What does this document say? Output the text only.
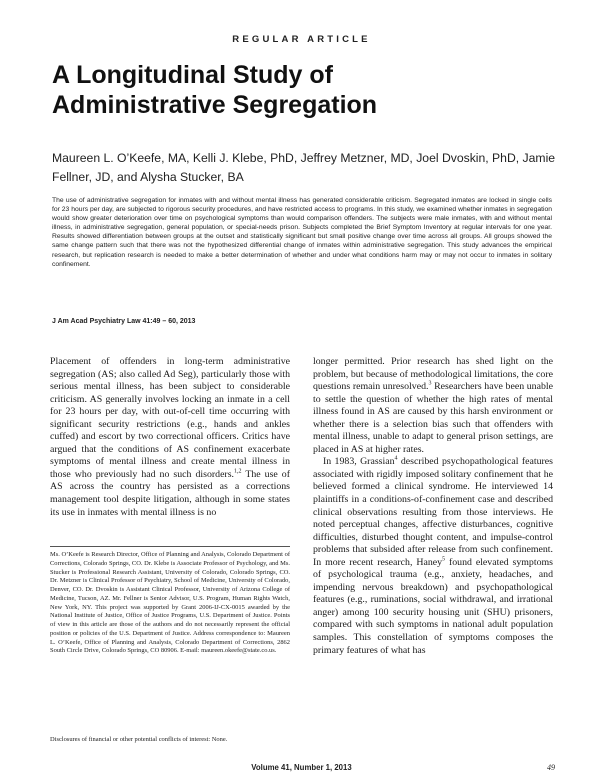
REGULAR ARTICLE
A Longitudinal Study of
Administrative Segregation

Maureen L. O’Keefe, MA, Kelli J. Klebe, PhD, Jeffrey Metzner, MD, Joel Dvoskin, PhD, Jamie Fellner, JD, and Alysha Stucker, BA

The use of administrative segregation for inmates with and without mental illness has generated considerable criticism. Segregated inmates are locked in single cells for 23 hours per day, are subjected to rigorous security procedures, and have restricted access to programs. In this study, we examined whether inmates in segregation would show greater deterioration over time on psychological symptoms than would comparison offenders. The subjects were male inmates, with and without mental illness, in administrative segregation, general population, or special-needs prison. Subjects completed the Brief Symptom Inventory at regular intervals for one year. Results showed differentiation between groups at the outset and statistically significant but small positive change over time across all groups. All groups showed the same change pattern such that there was not the hypothesized differential change of inmates within administrative segregation. This study advances the empirical research, but replication research is needed to make a better determination of whether and under what conditions harm may or may not occur to inmates in solitary confinement.

J Am Acad Psychiatry Law 41:49 – 60, 2013

Placement of offenders in long-term administrative segregation (AS; also called Ad Seg), particularly those with serious mental illness, has been subject to considerable criticism. AS generally involves locking an inmate in a cell for 23 hours per day, with out-of-cell time occurring with significant security restrictions (e.g., hands and ankles cuffed) and escort by two correctional officers. Critics have argued that the conditions of AS confinement exacerbate symptoms of mental illness and create mental illness in those who previously had no such disorders.$^{1,2}$ The use of AS across the country has persisted as a corrections management tool despite litigation, although in some states its use in inmates with mental illness is no

Ms. O’Keefe is Research Director, Office of Planning and Analysis, Colorado Department of Corrections, Colorado Springs, CO. Dr. Klebe is Associate Professor of Psychology, and Ms. Stucker is Professional Research Assistant, University of Colorado, Colorado Springs, CO. Dr. Metzner is Clinical Professor of Psychiatry, School of Medicine, University of Colorado, Denver, CO. Dr. Dvoskin is Assistant Clinical Professor, University of Arizona College of Medicine, Tucson, AZ. Mr. Fellner is Senior Advisor, U.S. Program, Human Rights Watch, New York, NY. This project was supported by Grant 2006-IJ-CX-0015 awarded by the National Institute of Justice, Office of Justice Programs, U.S. Department of Justice. Points of view in this article are those of the authors and do not necessarily represent the official position or policies of the U.S. Department of Justice. Address correspondence to: Maureen L. O’Keefe, Office of Planning and Analysis, Colorado Department of Corrections, 2862 South Circle Drive, Colorado Springs, CO 80906. E-mail: maureen.okeefe@state.co.us.

Disclosures of financial or other potential conflicts of interest: None.

longer permitted. Prior research has shed light on the problem, but because of methodological limitations, the core questions remain unresolved.$^3$ Researchers have been unable to settle the question of whether the high rates of mental illness found in AS are caused by this harsh environment or whether there is a selection bias such that offenders with mental illness, unable to adapt to general prison settings, are placed in AS at higher rates.

In 1983, Grassian$^4$ described psychopathological features associated with rigidly imposed solitary confinement that he believed formed a clinical syndrome. He interviewed 14 plaintiffs in a conditions-of-confinement case and described clinical observations resulting from those interviews. He noted perceptual changes, affective disturbances, cognitive difficulties, disturbed thought content, and impulse-control problems that subsided after release from such confinement. In more recent research, Haney$^5$ found elevated symptoms of psychological trauma (e.g., anxiety, headaches, and impending nervous breakdown) and psychopathological features (e.g., ruminations, social withdrawal, and irrational anger) among 100 security housing unit (SHU) prisoners, compared with such symptoms in national adult population samples. This constellation of symptoms composes the primary features of what has

Volume 41, Number 1, 2013	49
